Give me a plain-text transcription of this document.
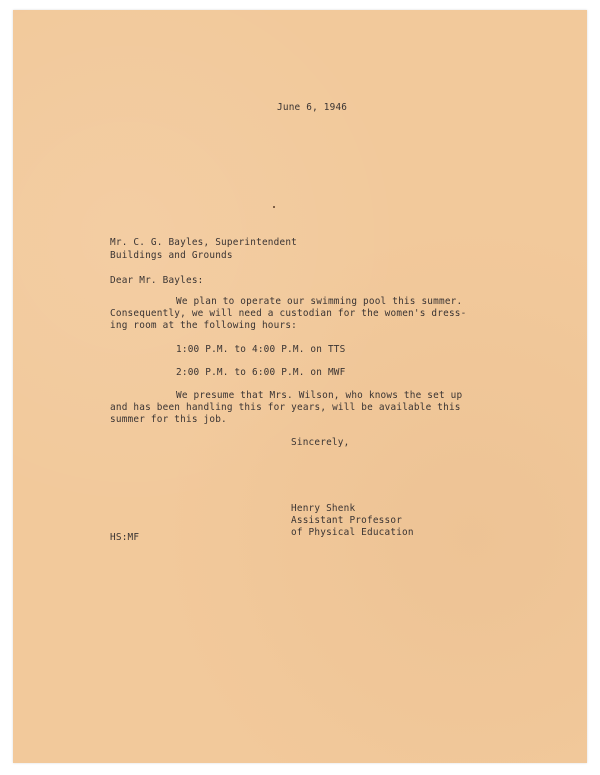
June 6, 1946
Mr. C. G. Bayles, Superintendent
Buildings and Grounds
Dear Mr. Bayles:
We plan to operate our swimming pool this summer.
Consequently, we will need a custodian for the women's dress-
ing room at the following hours:
1:00 P.M. to 4:00 P.M. on TTS
2:00 P.M. to 6:00 P.M. on MWF
We presume that Mrs. Wilson, who knows the set up
and has been handling this for years, will be available this
summer for this job.
Sincerely,
Henry Shenk
Assistant Professor
of Physical Education
HS:MF
